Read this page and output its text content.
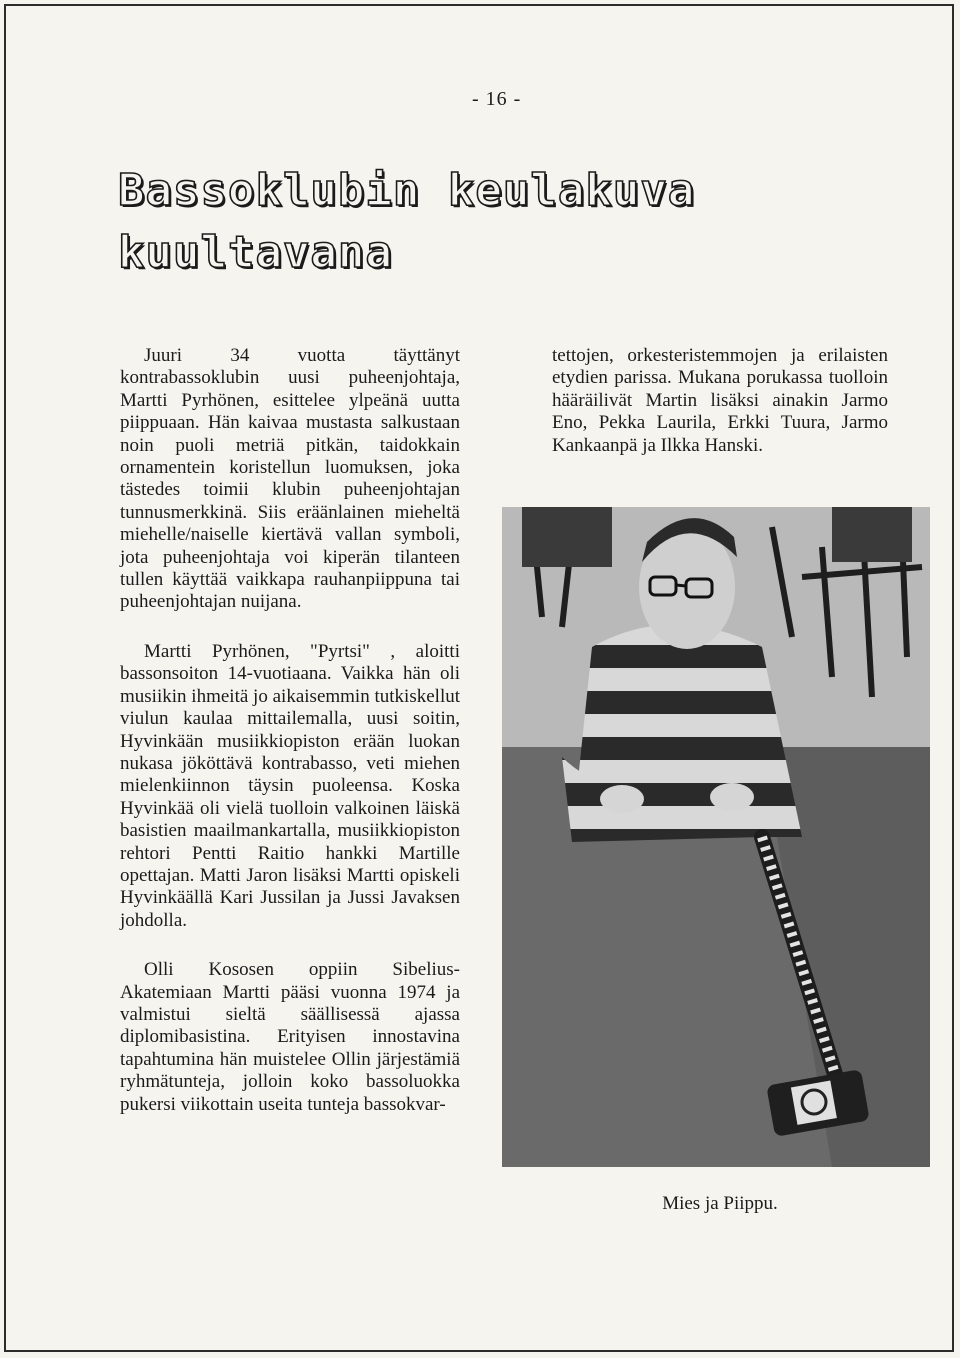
- 16 -
Bassoklubin keulakuva kuultavana

Juuri 34 vuotta täyttänyt kontrabassoklubin uusi puheenjohtaja, Martti Pyrhönen, esittelee ylpeänä uutta piippuaan. Hän kaivaa mustasta salkustaan noin puoli metriä pitkän, taidokkain ornamentein koristellun luomuksen, joka tästedes toimii klubin puheenjohtajan tunnusmerkkinä. Siis eräänlainen mieheltä miehelle/naiselle kiertävä vallan symboli, jota puheenjohtaja voi kiperän tilanteen tullen käyttää vaikkapa rauhanpiippuna tai puheenjohtajan nuijana.

Martti Pyrhönen, "Pyrtsi" , aloitti bassonsoiton 14-vuotiaana. Vaikka hän oli musiikin ihmeitä jo aikaisemmin tutkiskellut viulun kaulaa mittailemalla, uusi soitin, Hyvinkään musiikkiopiston erään luokan nukasa jököttävä kontrabasso, veti miehen mielenkiinnon täysin puoleensa. Koska Hyvinkää oli vielä tuolloin valkoinen läiskä basistien maailmankartalla, musiikkiopiston rehtori Pentti Raitio hankki Martille opettajan. Matti Jaron lisäksi Martti opiskeli Hyvinkäällä Kari Jussilan ja Jussi Javaksen johdolla.

Olli Kososen oppiin Sibelius-Akatemiaan Martti pääsi vuonna 1974 ja valmistui sieltä säällisessä ajassa diplomibasistina. Erityisen innostavina tapahtumina hän muistelee Ollin järjestämiä ryhmätunteja, jolloin koko bassoluokka pukersi viikottain useita tunteja bassokvar-

tettojen, orkesteristemmojen ja erilaisten etydien parissa. Mukana porukassa tuolloin hääräilivät Martin lisäksi ainakin Jarmo Eno, Pekka Laurila, Erkki Tuura, Jarmo Kankaanpä ja Ilkka Hanski.

Mies ja Piippu.
